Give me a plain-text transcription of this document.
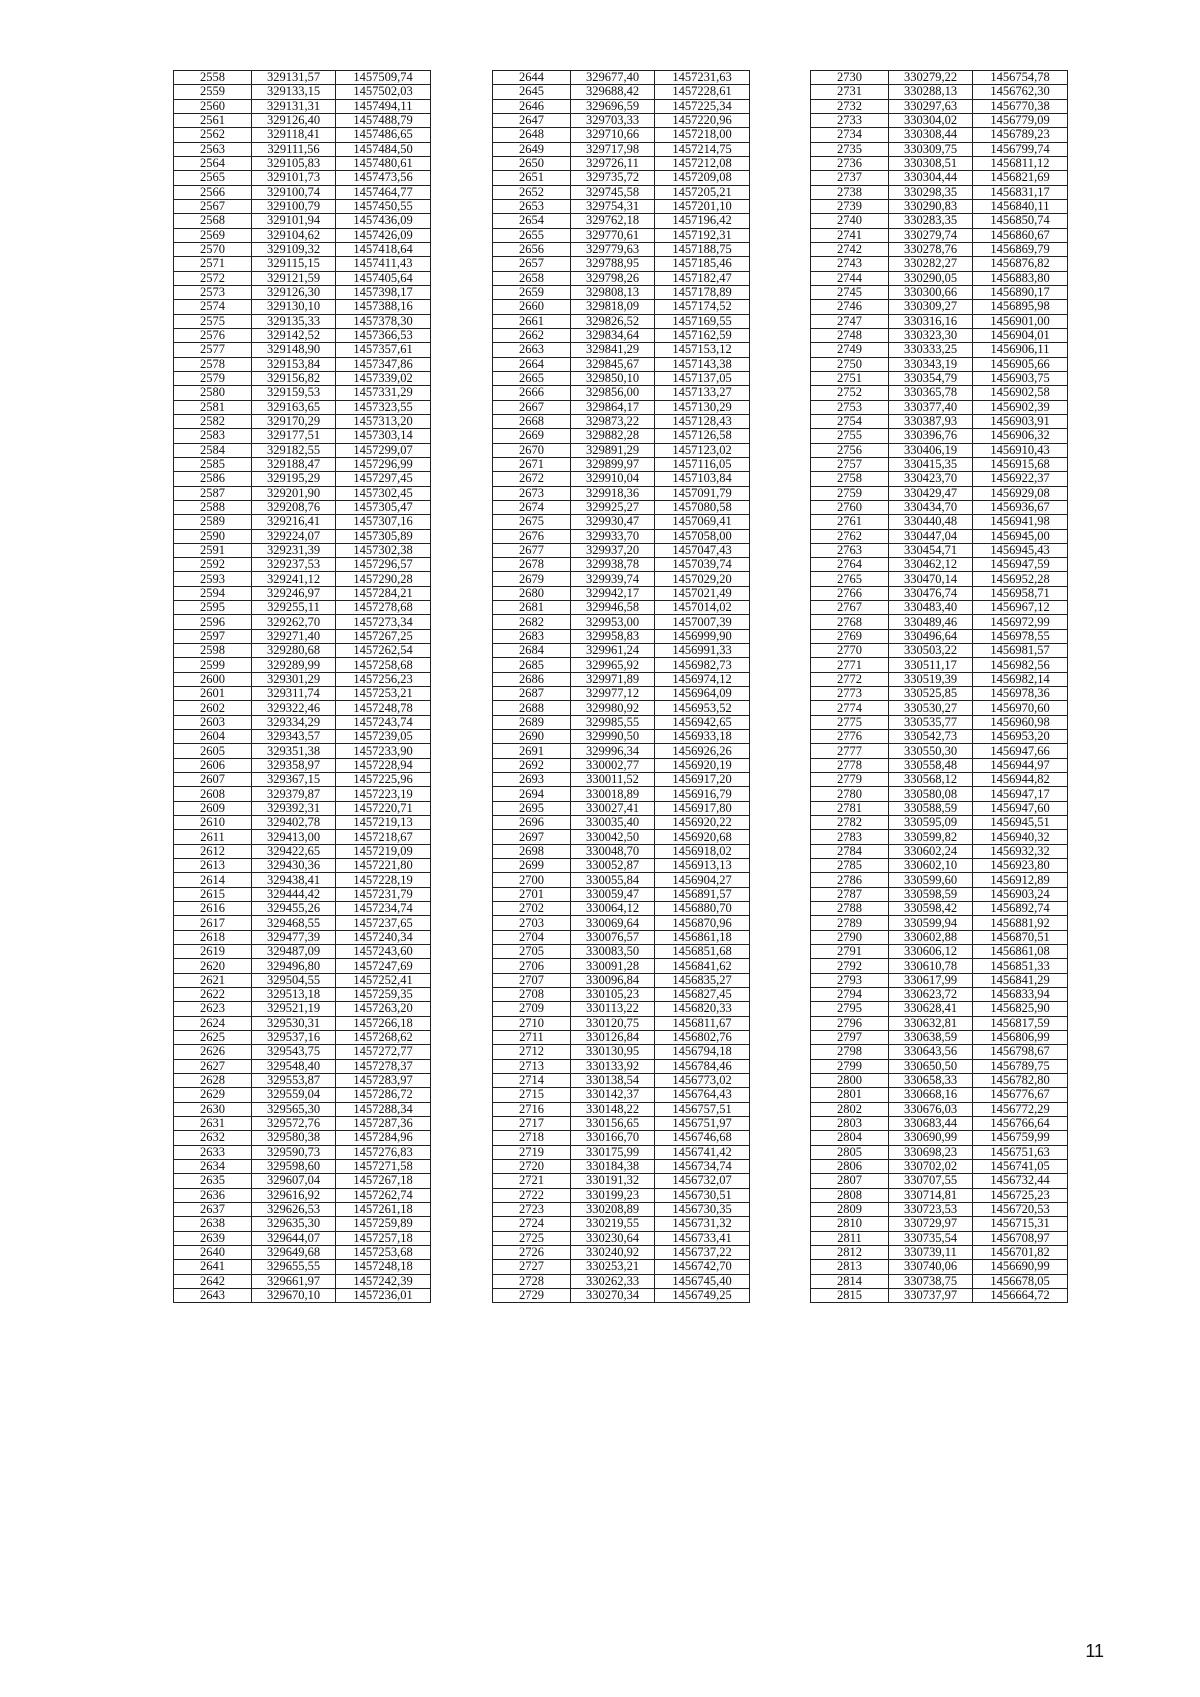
2558	329131,57	1457509,74
2559	329133,15	1457502,03
2560	329131,31	1457494,11
2561	329126,40	1457488,79
2562	329118,41	1457486,65
2563	329111,56	1457484,50
2564	329105,83	1457480,61
2565	329101,73	1457473,56
2566	329100,74	1457464,77
2567	329100,79	1457450,55
2568	329101,94	1457436,09
2569	329104,62	1457426,09
2570	329109,32	1457418,64
2571	329115,15	1457411,43
2572	329121,59	1457405,64
2573	329126,30	1457398,17
2574	329130,10	1457388,16
2575	329135,33	1457378,30
2576	329142,52	1457366,53
2577	329148,90	1457357,61
2578	329153,84	1457347,86
2579	329156,82	1457339,02
2580	329159,53	1457331,29
2581	329163,65	1457323,55
2582	329170,29	1457313,20
2583	329177,51	1457303,14
2584	329182,55	1457299,07
2585	329188,47	1457296,99
2586	329195,29	1457297,45
2587	329201,90	1457302,45
2588	329208,76	1457305,47
2589	329216,41	1457307,16
2590	329224,07	1457305,89
2591	329231,39	1457302,38
2592	329237,53	1457296,57
2593	329241,12	1457290,28
2594	329246,97	1457284,21
2595	329255,11	1457278,68
2596	329262,70	1457273,34
2597	329271,40	1457267,25
2598	329280,68	1457262,54
2599	329289,99	1457258,68
2600	329301,29	1457256,23
2601	329311,74	1457253,21
2602	329322,46	1457248,78
2603	329334,29	1457243,74
2604	329343,57	1457239,05
2605	329351,38	1457233,90
2606	329358,97	1457228,94
2607	329367,15	1457225,96
2608	329379,87	1457223,19
2609	329392,31	1457220,71
2610	329402,78	1457219,13
2611	329413,00	1457218,67
2612	329422,65	1457219,09
2613	329430,36	1457221,80
2614	329438,41	1457228,19
2615	329444,42	1457231,79
2616	329455,26	1457234,74
2617	329468,55	1457237,65
2618	329477,39	1457240,34
2619	329487,09	1457243,60
2620	329496,80	1457247,69
2621	329504,55	1457252,41
2622	329513,18	1457259,35
2623	329521,19	1457263,20
2624	329530,31	1457266,18
2625	329537,16	1457268,62
2626	329543,75	1457272,77
2627	329548,40	1457278,37
2628	329553,87	1457283,97
2629	329559,04	1457286,72
2630	329565,30	1457288,34
2631	329572,76	1457287,36
2632	329580,38	1457284,96
2633	329590,73	1457276,83
2634	329598,60	1457271,58
2635	329607,04	1457267,18
2636	329616,92	1457262,74
2637	329626,53	1457261,18
2638	329635,30	1457259,89
2639	329644,07	1457257,18
2640	329649,68	1457253,68
2641	329655,55	1457248,18
2642	329661,97	1457242,39
2643	329670,10	1457236,01
2644	329677,40	1457231,63
2645	329688,42	1457228,61
2646	329696,59	1457225,34
2647	329703,33	1457220,96
2648	329710,66	1457218,00
2649	329717,98	1457214,75
2650	329726,11	1457212,08
2651	329735,72	1457209,08
2652	329745,58	1457205,21
2653	329754,31	1457201,10
2654	329762,18	1457196,42
2655	329770,61	1457192,31
2656	329779,63	1457188,75
2657	329788,95	1457185,46
2658	329798,26	1457182,47
2659	329808,13	1457178,89
2660	329818,09	1457174,52
2661	329826,52	1457169,55
2662	329834,64	1457162,59
2663	329841,29	1457153,12
2664	329845,67	1457143,38
2665	329850,10	1457137,05
2666	329856,00	1457133,27
2667	329864,17	1457130,29
2668	329873,22	1457128,43
2669	329882,28	1457126,58
2670	329891,29	1457123,02
2671	329899,97	1457116,05
2672	329910,04	1457103,84
2673	329918,36	1457091,79
2674	329925,27	1457080,58
2675	329930,47	1457069,41
2676	329933,70	1457058,00
2677	329937,20	1457047,43
2678	329938,78	1457039,74
2679	329939,74	1457029,20
2680	329942,17	1457021,49
2681	329946,58	1457014,02
2682	329953,00	1457007,39
2683	329958,83	1456999,90
2684	329961,24	1456991,33
2685	329965,92	1456982,73
2686	329971,89	1456974,12
2687	329977,12	1456964,09
2688	329980,92	1456953,52
2689	329985,55	1456942,65
2690	329990,50	1456933,18
2691	329996,34	1456926,26
2692	330002,77	1456920,19
2693	330011,52	1456917,20
2694	330018,89	1456916,79
2695	330027,41	1456917,80
2696	330035,40	1456920,22
2697	330042,50	1456920,68
2698	330048,70	1456918,02
2699	330052,87	1456913,13
2700	330055,84	1456904,27
2701	330059,47	1456891,57
2702	330064,12	1456880,70
2703	330069,64	1456870,96
2704	330076,57	1456861,18
2705	330083,50	1456851,68
2706	330091,28	1456841,62
2707	330096,84	1456835,27
2708	330105,23	1456827,45
2709	330113,22	1456820,33
2710	330120,75	1456811,67
2711	330126,84	1456802,76
2712	330130,95	1456794,18
2713	330133,92	1456784,46
2714	330138,54	1456773,02
2715	330142,37	1456764,43
2716	330148,22	1456757,51
2717	330156,65	1456751,97
2718	330166,70	1456746,68
2719	330175,99	1456741,42
2720	330184,38	1456734,74
2721	330191,32	1456732,07
2722	330199,23	1456730,51
2723	330208,89	1456730,35
2724	330219,55	1456731,32
2725	330230,64	1456733,41
2726	330240,92	1456737,22
2727	330253,21	1456742,70
2728	330262,33	1456745,40
2729	330270,34	1456749,25
2730	330279,22	1456754,78
2731	330288,13	1456762,30
2732	330297,63	1456770,38
2733	330304,02	1456779,09
2734	330308,44	1456789,23
2735	330309,75	1456799,74
2736	330308,51	1456811,12
2737	330304,44	1456821,69
2738	330298,35	1456831,17
2739	330290,83	1456840,11
2740	330283,35	1456850,74
2741	330279,74	1456860,67
2742	330278,76	1456869,79
2743	330282,27	1456876,82
2744	330290,05	1456883,80
2745	330300,66	1456890,17
2746	330309,27	1456895,98
2747	330316,16	1456901,00
2748	330323,30	1456904,01
2749	330333,25	1456906,11
2750	330343,19	1456905,66
2751	330354,79	1456903,75
2752	330365,78	1456902,58
2753	330377,40	1456902,39
2754	330387,93	1456903,91
2755	330396,76	1456906,32
2756	330406,19	1456910,43
2757	330415,35	1456915,68
2758	330423,70	1456922,37
2759	330429,47	1456929,08
2760	330434,70	1456936,67
2761	330440,48	1456941,98
2762	330447,04	1456945,00
2763	330454,71	1456945,43
2764	330462,12	1456947,59
2765	330470,14	1456952,28
2766	330476,74	1456958,71
2767	330483,40	1456967,12
2768	330489,46	1456972,99
2769	330496,64	1456978,55
2770	330503,22	1456981,57
2771	330511,17	1456982,56
2772	330519,39	1456982,14
2773	330525,85	1456978,36
2774	330530,27	1456970,60
2775	330535,77	1456960,98
2776	330542,73	1456953,20
2777	330550,30	1456947,66
2778	330558,48	1456944,97
2779	330568,12	1456944,82
2780	330580,08	1456947,17
2781	330588,59	1456947,60
2782	330595,09	1456945,51
2783	330599,82	1456940,32
2784	330602,24	1456932,32
2785	330602,10	1456923,80
2786	330599,60	1456912,89
2787	330598,59	1456903,24
2788	330598,42	1456892,74
2789	330599,94	1456881,92
2790	330602,88	1456870,51
2791	330606,12	1456861,08
2792	330610,78	1456851,33
2793	330617,99	1456841,29
2794	330623,72	1456833,94
2795	330628,41	1456825,90
2796	330632,81	1456817,59
2797	330638,59	1456806,99
2798	330643,56	1456798,67
2799	330650,50	1456789,75
2800	330658,33	1456782,80
2801	330668,16	1456776,67
2802	330676,03	1456772,29
2803	330683,44	1456766,64
2804	330690,99	1456759,99
2805	330698,23	1456751,63
2806	330702,02	1456741,05
2807	330707,55	1456732,44
2808	330714,81	1456725,23
2809	330723,53	1456720,53
2810	330729,97	1456715,31
2811	330735,54	1456708,97
2812	330739,11	1456701,82
2813	330740,06	1456690,99
2814	330738,75	1456678,05
2815	330737,97	1456664,72
11
